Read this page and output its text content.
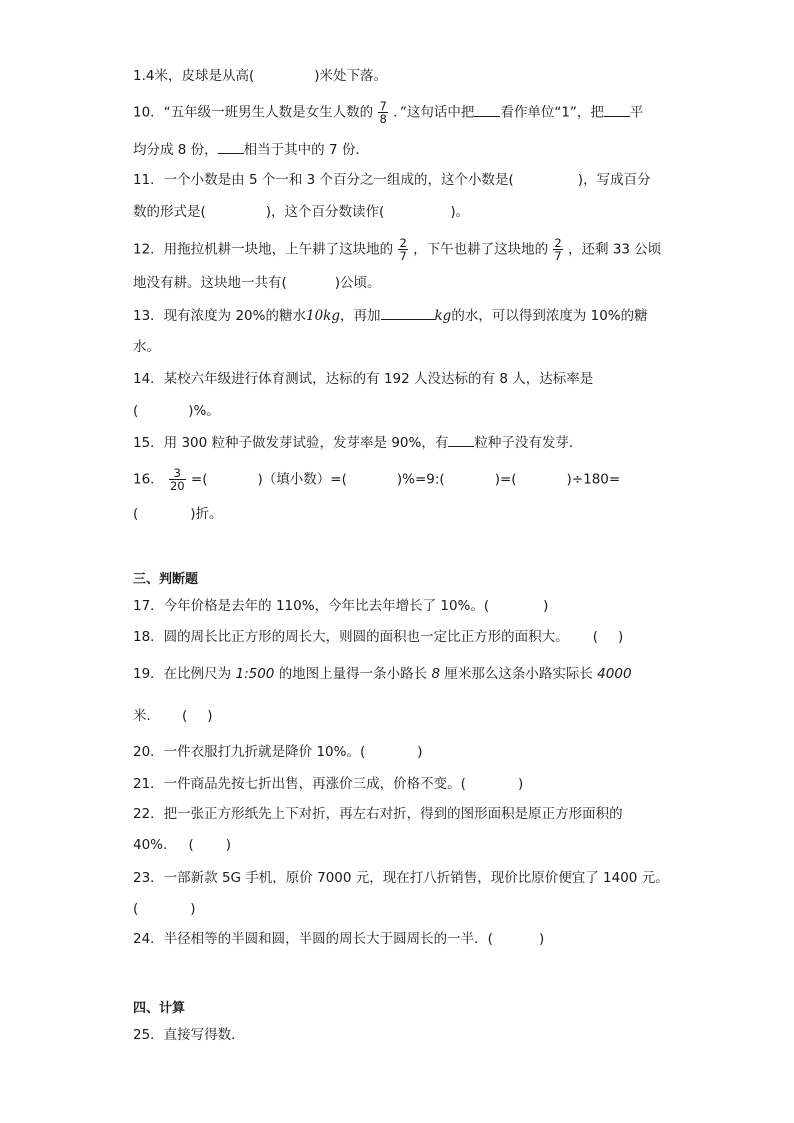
1.4米，皮球是从高(	)米处下落。
10．“五年级一班男生人数是女生人数的 $\frac{7}{8}$ ．”这句话中把 看作单位“1”，把 平
均分成 8 份， 相当于其中的 7 份．
11．一个小数是由 5 个一和 3 个百分之一组成的，这个小数是(	)，写成百分
数的形式是(	)，这个百分数读作(	)。
12．用拖拉机耕一块地，上午耕了这块地的 $\frac{2}{7}$ ，下午也耕了这块地的 $\frac{2}{7}$ ，还剩 33 公顷
地没有耕。这块地一共有(	)公顷。
13．现有浓度为 20%的糖水10kg，再加	kg的水，可以得到浓度为 10%的糖
水。
14．某校六年级进行体育测试，达标的有 192 人没达标的有 8 人，达标率是
(	)%。
15．用 300 粒种子做发芽试验，发芽率是 90%，有 粒种子没有发芽．
16． $\frac{3}{20}$ =(	)（填小数）=(	)%=9:(	)=(	)÷180=
(	)折。
三、判断题
17．今年价格是去年的 110%，今年比去年增长了 10%。(	)
18．圆的周长比正方形的周长大，则圆的面积也一定比正方形的面积大。 ( )
19．在比例尺为 1:500 的地图上量得一条小路长 8 厘米那么这条小路实际长 4000
米． ( )
20．一件衣服打九折就是降价 10%。(	)
21．一件商品先按七折出售，再涨价三成，价格不变。(	)
22．把一张正方形纸先上下对折，再左右对折，得到的图形面积是原正方形面积的
40%． ( )
23．一部新款 5G 手机，原价 7000 元，现在打八折销售，现价比原价便宜了 1400 元。
(	)
24．半径相等的半圆和圆，半圆的周长大于圆周长的一半．(	)
四、计算
25．直接写得数．
